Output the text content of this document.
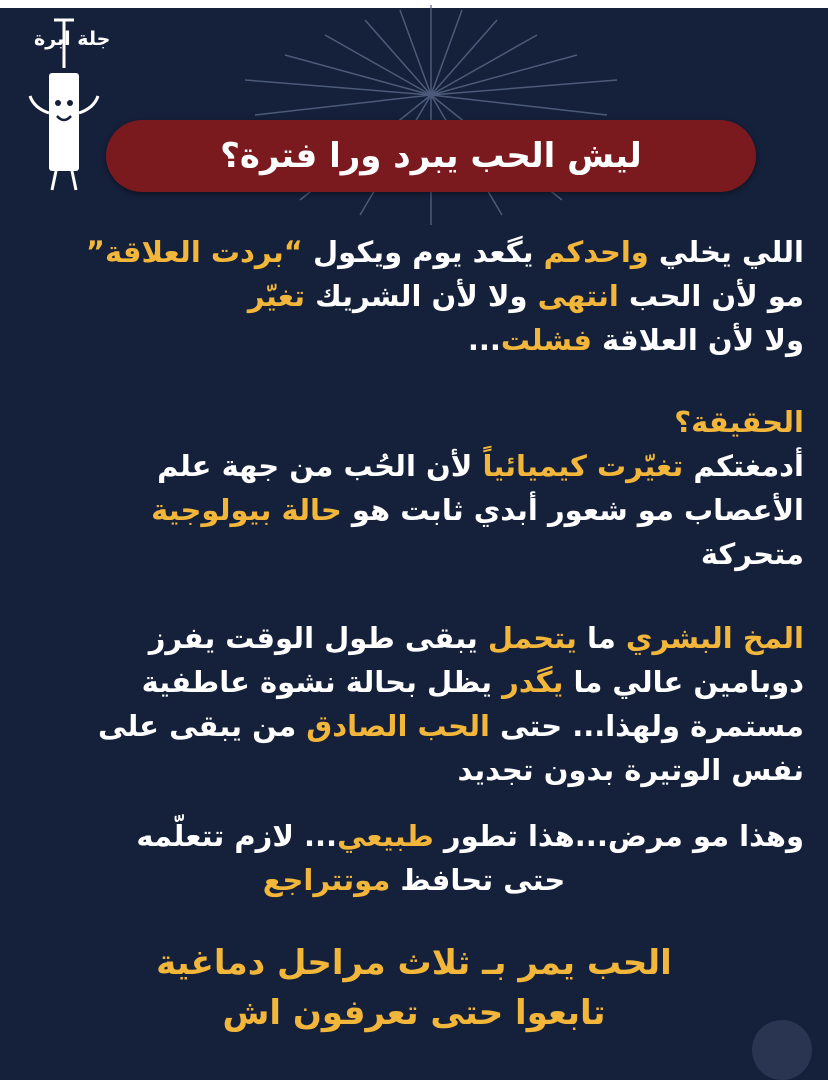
جلة ابرة
ليش الحب يبرد ورا فترة؟

اللي يخلي واحدكم يگعد يوم ويكول “بردت العلاقة”

مو لأن الحب انتهى ولا لأن الشريك تغيّر

ولا لأن العلاقة فشلت...

الحقيقة؟

أدمغتكم تغيّرت كيميائياً لأن الحُب من جهة علم

الأعصاب مو شعور أبدي ثابت هو حالة بيولوجية

متحركة

المخ البشري ما يتحمل يبقى طول الوقت يفرز

دوبامين عالي ما يگدر يظل بحالة نشوة عاطفية

مستمرة ولهذا... حتى الحب الصادق من يبقى على

نفس الوتيرة بدون تجديد

وهذا مو مرض...هذا تطور طبيعي... لازم تتعلّمه

حتى تحافظ موتتراجع

الحب يمر بـ ثلاث مراحل دماغية

تابعوا حتى تعرفون اش
